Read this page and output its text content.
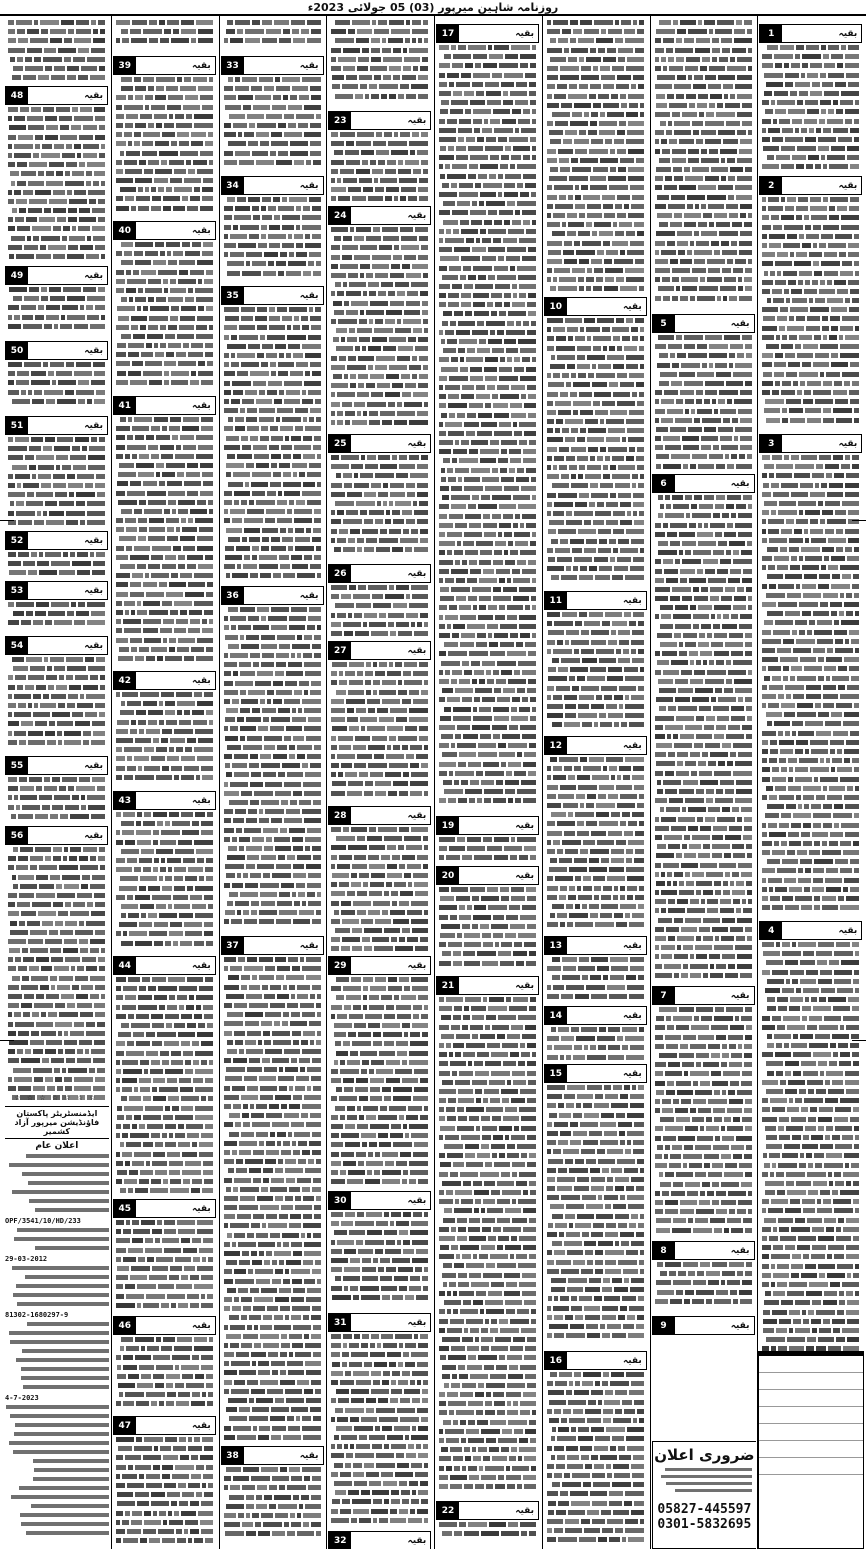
روزنامہ شاہین میرپور (03) 05 جولائی 2023ء
بقیہ
1
بقیہ
2
بقیہ
3
بقیہ
4
بقیہ
5
بقیہ
6
بقیہ
7
بقیہ
8
بقیہ
9
ضروری اعلان
05827-445597
0301-5832695
بقیہ
10
بقیہ
11
بقیہ
12
بقیہ
13
بقیہ
14
بقیہ
15
بقیہ
16
بقیہ
17
بقیہ
19
بقیہ
20
بقیہ
21
بقیہ
22
بقیہ
23
بقیہ
24
بقیہ
25
بقیہ
26
بقیہ
27
بقیہ
28
بقیہ
29
بقیہ
30
بقیہ
31
بقیہ
32
بقیہ
33
بقیہ
34
بقیہ
35
بقیہ
36
بقیہ
37
بقیہ
38
بقیہ
39
بقیہ
40
بقیہ
41
بقیہ
42
بقیہ
43
بقیہ
44
بقیہ
45
بقیہ
46
بقیہ
47
بقیہ
48
بقیہ
49
بقیہ
50
بقیہ
51
بقیہ
52
بقیہ
53
بقیہ
54
بقیہ
55
بقیہ
56
ایڈمنسٹریٹر پاکستان فاؤنڈیشن میرپور آزاد کشمیر
اعلان عام
OPF/3541/10/HD/233
29-03-2012
81302-1680297-9
4-7-2023
☆ ☆ ☆ ☆ ☆ ☆ ☆
